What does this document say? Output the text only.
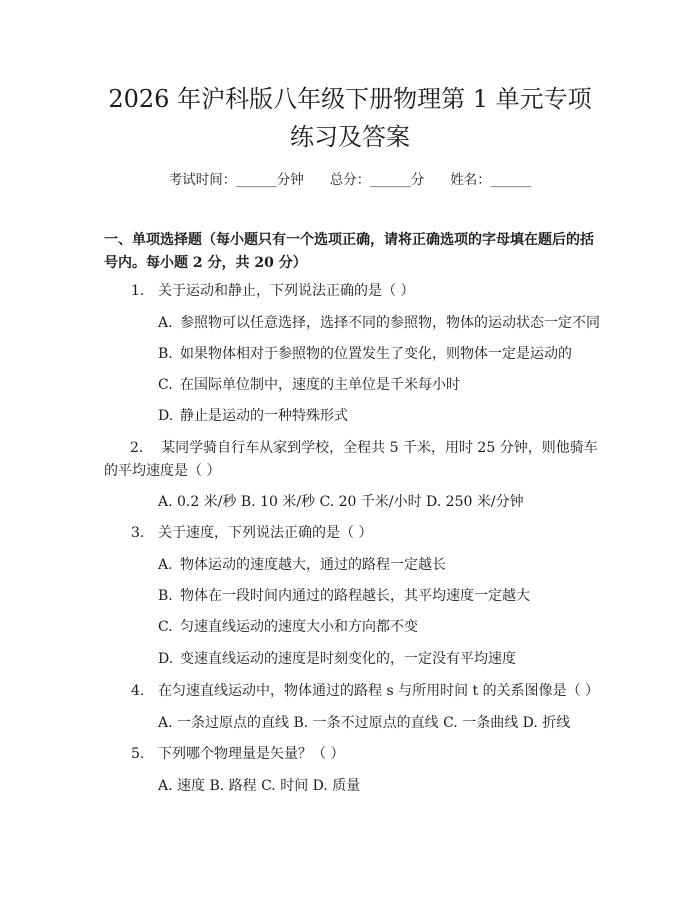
2026 年沪科版八年级下册物理第 1 单元专项
练习及答案
考试时间：______分钟 总分：______分 姓名：______

一、单项选择题（每小题只有一个选项正确，请将正确选项的字母填在题后的括号内。每小题 2 分，共 20 分）

1. 关于运动和静止，下列说法正确的是（ ）
A. 参照物可以任意选择，选择不同的参照物，物体的运动状态一定不同
B. 如果物体相对于参照物的位置发生了变化，则物体一定是运动的
C. 在国际单位制中，速度的主单位是千米每小时
D. 静止是运动的一种特殊形式
2. 某同学骑自行车从家到学校，全程共 5 千米，用时 25 分钟，则他骑车的平均速度是（ ）
A. 0.2 米/秒 B. 10 米/秒 C. 20 千米/小时 D. 250 米/分钟
3. 关于速度，下列说法正确的是（ ）
A. 物体运动的速度越大，通过的路程一定越长
B. 物体在一段时间内通过的路程越长，其平均速度一定越大
C. 匀速直线运动的速度大小和方向都不变
D. 变速直线运动的速度是时刻变化的，一定没有平均速度
4. 在匀速直线运动中，物体通过的路程 s 与所用时间 t 的关系图像是（ ）
A. 一条过原点的直线 B. 一条不过原点的直线 C. 一条曲线 D. 折线
5. 下列哪个物理量是矢量？（ ）
A. 速度 B. 路程 C. 时间 D. 质量
